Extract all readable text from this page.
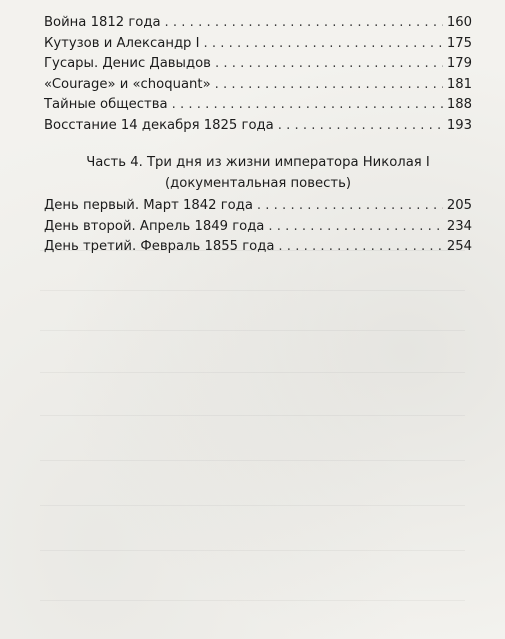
Война 1812 года . . .	160
Кутузов и Александр I . . .	175
Гусары. Денис Давыдов . . .	179
«Courage» и «choquant» . . .	181
Тайные общества . . .	188
Восстание 14 декабря 1825 года . . .	193
Часть 4. Три дня из жизни императора Николая I
(документальная повесть)
День первый. Март 1842 года . . .	205
День второй. Апрель 1849 года . . .	234
День третий. Февраль 1855 года . . .	254
